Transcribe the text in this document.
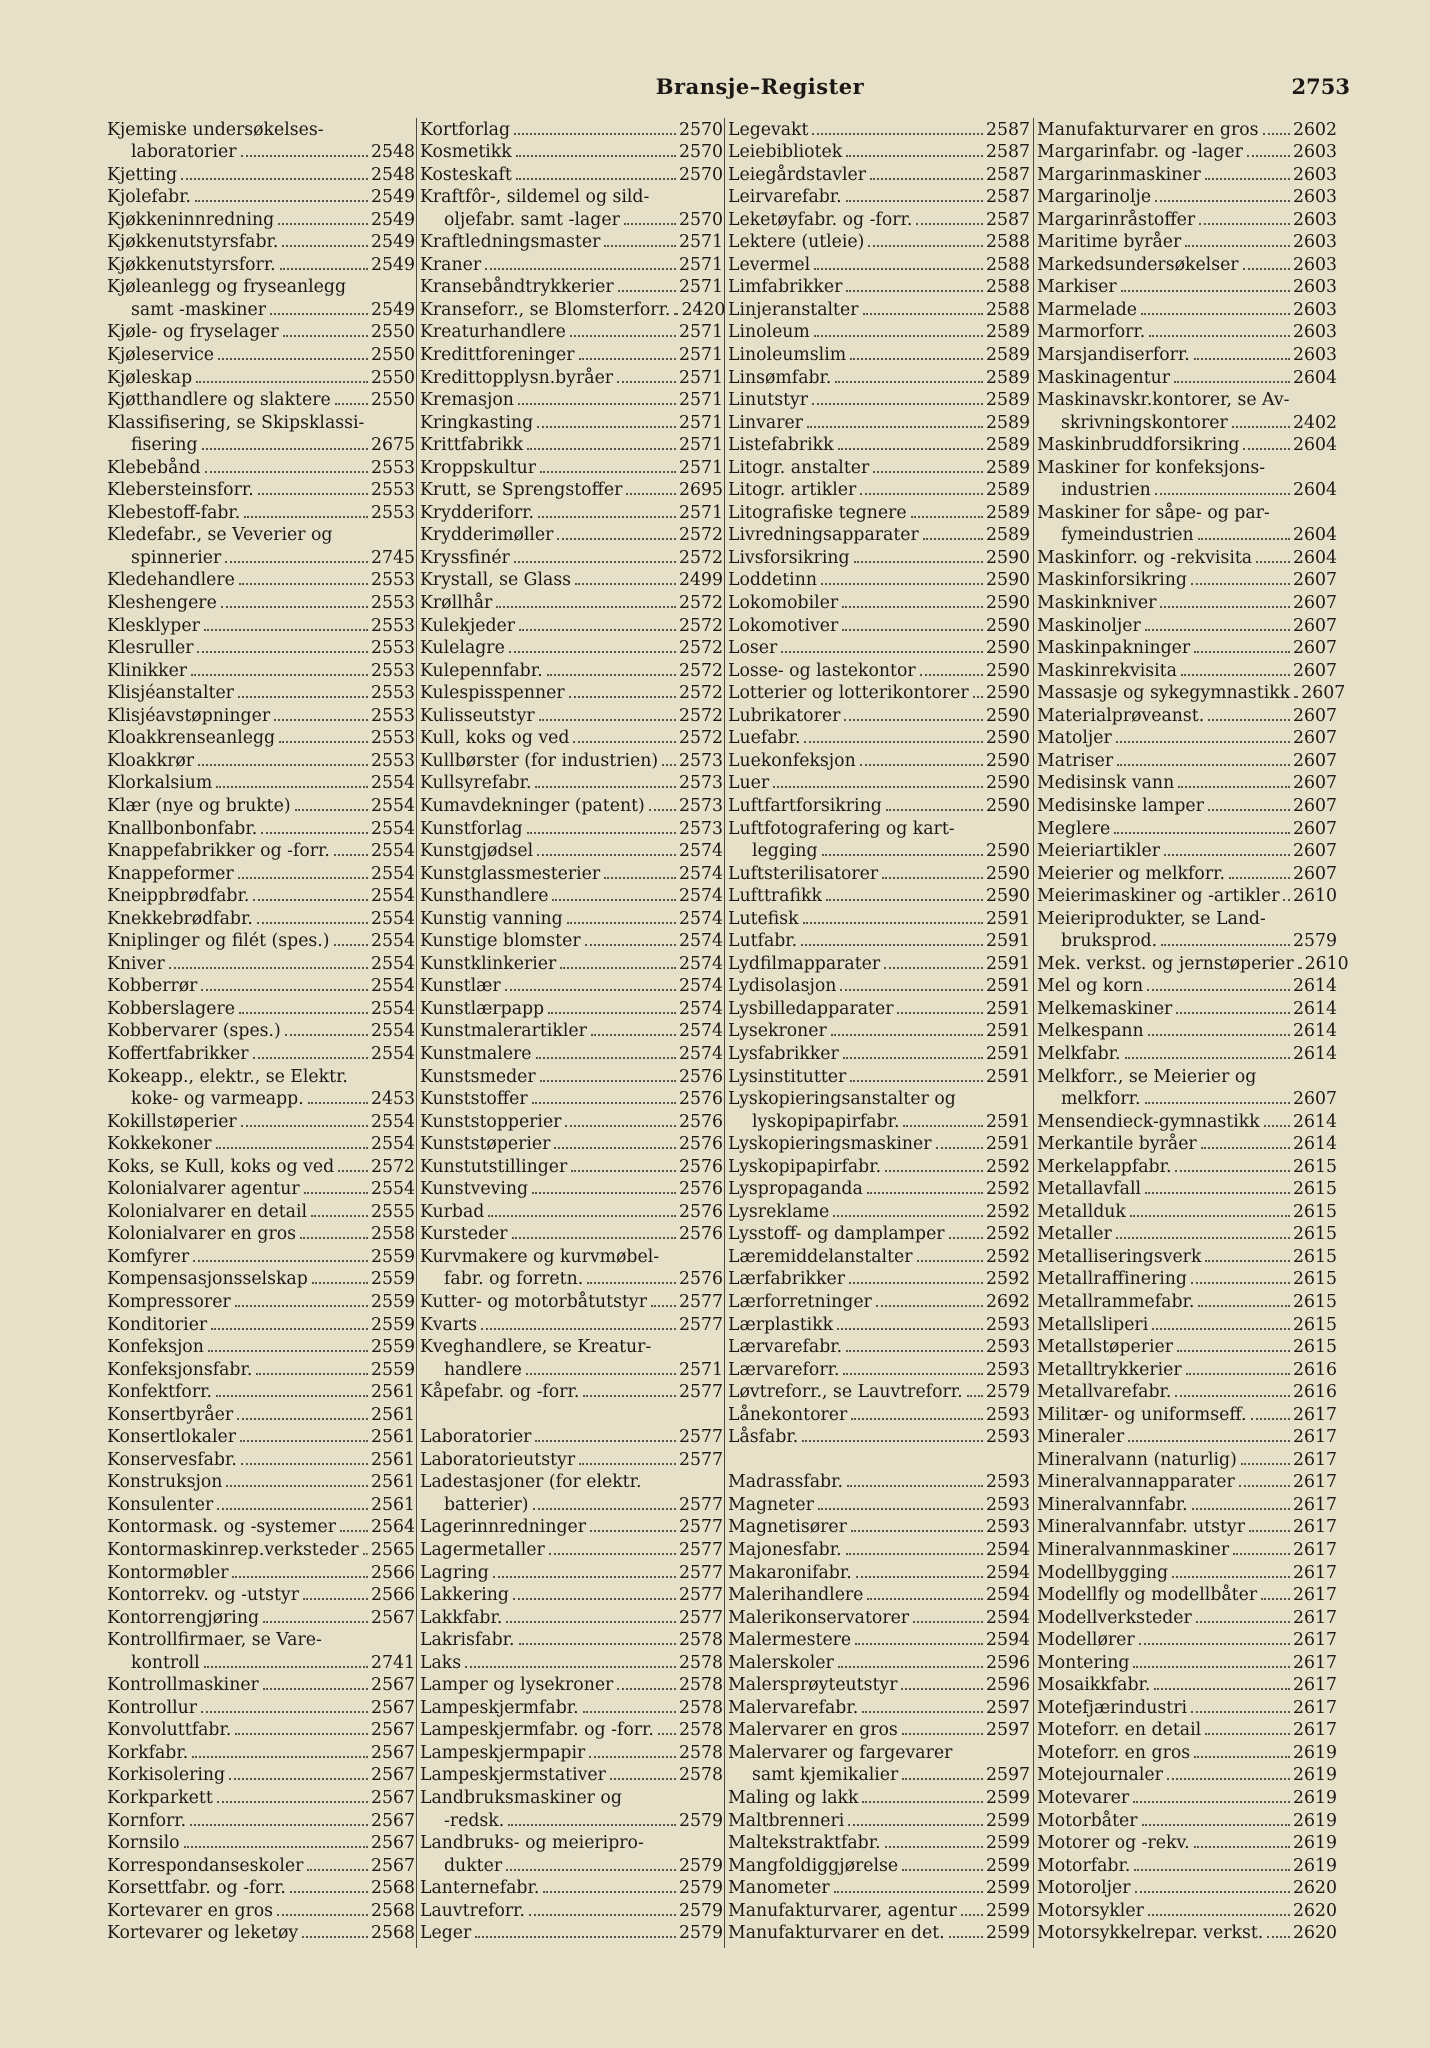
Bransje–Register	2753
Kjemiske undersøkelses-
laboratorier	2548
Kjetting	2548
Kjolefabr.	2549
Kjøkkeninnredning	2549
Kjøkkenutstyrsfabr.	2549
Kjøkkenutstyrsforr.	2549
Kjøleanlegg og fryseanlegg
samt -maskiner	2549
Kjøle- og fryselager	2550
Kjøleservice	2550
Kjøleskap	2550
Kjøtthandlere og slaktere 2550
Klassifisering, se Skipsklassi-
fisering	2675
Klebebånd	2553
Klebersteinsforr.	2553
Klebestoff-fabr.	2553
Kledefabr., se Veverier og
spinnerier	2745
Kledehandlere	2553
Kleshengere	2553
Klesklyper	2553
Klesruller	2553
Klinikker	2553
Klisjéanstalter	2553
Klisjéavstøpninger	2553
Kloakkrenseanlegg	2553
Kloakkrør	2553
Klorkalsium	2554
Klær (nye og brukte)	2554
Knallbonbonfabr.	2554
Knappefabrikker og -forr. 2554
Knappeformer	2554
Kneippbrødfabr.	2554
Knekkebrødfabr.	2554
Kniplinger og filét (spes.) 2554
Kniver	2554
Kobberrør	2554
Kobberslagere	2554
Kobbervarer (spes.)	2554
Koffertfabrikker	2554
Kokeapp., elektr., se Elektr.
koke- og varmeapp.	2453
Kokillstøperier	2554
Kokkekoner	2554
Koks, se Kull, koks og ved 2572
Kolonialvarer agentur	2554
Kolonialvarer en detail	2555
Kolonialvarer en gros	2558
Komfyrer	2559
Kompensasjonsselskap	2559
Kompressorer	2559
Konditorier	2559
Konfeksjon	2559
Konfeksjonsfabr.	2559
Konfektforr.	2561
Konsertbyråer	2561
Konsertlokaler	2561
Konservesfabr.	2561
Konstruksjon	2561
Konsulenter	2561
Kontormask. og -systemer 2564
Kontormaskinrep.verksteder 2565
Kontormøbler	2566
Kontorrekv. og -utstyr	2566
Kontorrengjøring	2567
Kontrollfirmaer, se Vare-
kontroll	2741
Kontrollmaskiner	2567
Kontrollur	2567
Konvoluttfabr.	2567
Korkfabr.	2567
Korkisolering	2567
Korkparkett	2567
Kornforr.	2567
Kornsilo	2567
Korrespondanseskoler	2567
Korsettfabr. og -forr.	2568
Kortevarer en gros	2568
Kortevarer og leketøy	2568
Kortforlag	2570
Kosmetikk	2570
Kosteskaft	2570
Kraftfôr-, sildemel og sild-
oljefabr. samt -lager	2570
Kraftledningsmaster	2571
Kraner	2571
Kransebåndtrykkerier	2571
Kranseforr., se Blomsterforr. 2420
Kreaturhandlere	2571
Kredittforeninger	2571
Kredittopplysn.byråer	2571
Kremasjon	2571
Kringkasting	2571
Krittfabrikk	2571
Kroppskultur	2571
Krutt, se Sprengstoffer	2695
Krydderiforr.	2571
Krydderimøller	2572
Kryssfinér	2572
Krystall, se Glass	2499
Krøllhår	2572
Kulekjeder	2572
Kulelagre	2572
Kulepennfabr.	2572
Kulespisspenner	2572
Kulisseutstyr	2572
Kull, koks og ved	2572
Kullbørster (for industrien) 2573
Kullsyrefabr.	2573
Kumavdekninger (patent) 2573
Kunstforlag	2573
Kunstgjødsel	2574
Kunstglassmesterier	2574
Kunsthandlere	2574
Kunstig vanning	2574
Kunstige blomster	2574
Kunstklinkerier	2574
Kunstlær	2574
Kunstlærpapp	2574
Kunstmalerartikler	2574
Kunstmalere	2574
Kunstsmeder	2576
Kunststoffer	2576
Kunststopperier	2576
Kunststøperier	2576
Kunstutstillinger	2576
Kunstveving	2576
Kurbad	2576
Kursteder	2576
Kurvmakere og kurvmøbel-
fabr. og forretn.	2576
Kutter- og motorbåtutstyr 2577
Kvarts	2577
Kveghandlere, se Kreatur-
handlere	2571
Kåpefabr. og -forr.	2577
Laboratorier	2577
Laboratorieutstyr	2577
Ladestasjoner (for elektr.
batterier)	2577
Lagerinnredninger	2577
Lagermetaller	2577
Lagring	2577
Lakkering	2577
Lakkfabr.	2577
Lakrisfabr.	2578
Laks	2578
Lamper og lysekroner	2578
Lampeskjermfabr.	2578
Lampeskjermfabr. og -forr. 2578
Lampeskjermpapir	2578
Lampeskjermstativer	2578
Landbruksmaskiner og
-redsk.	2579
Landbruks- og meieripro-
dukter	2579
Lanternefabr.	2579
Lauvtreforr.	2579
Leger	2579
Legevakt	2587
Leiebibliotek	2587
Leiegårdstavler	2587
Leirvarefabr.	2587
Leketøyfabr. og -forr.	2587
Lektere (utleie)	2588
Levermel	2588
Limfabrikker	2588
Linjeranstalter	2588
Linoleum	2589
Linoleumslim	2589
Linsømfabr.	2589
Linutstyr	2589
Linvarer	2589
Listefabrikk	2589
Litogr. anstalter	2589
Litogr. artikler	2589
Litografiske tegnere	2589
Livredningsapparater	2589
Livsforsikring	2590
Loddetinn	2590
Lokomobiler	2590
Lokomotiver	2590
Loser	2590
Losse- og lastekontor	2590
Lotterier og lotterikontorer 2590
Lubrikatorer	2590
Luefabr.	2590
Luekonfeksjon	2590
Luer	2590
Luftfartforsikring	2590
Luftfotografering og kart-
legging	2590
Luftsterilisatorer	2590
Lufttrafikk	2590
Lutefisk	2591
Lutfabr.	2591
Lydfilmapparater	2591
Lydisolasjon	2591
Lysbilledapparater	2591
Lysekroner	2591
Lysfabrikker	2591
Lysinstitutter	2591
Lyskopieringsanstalter og
lyskopipapirfabr.	2591
Lyskopieringsmaskiner	2591
Lyskopipapirfabr.	2592
Lyspropaganda	2592
Lysreklame	2592
Lysstoff- og damplamper 2592
Læremiddelanstalter	2592
Lærfabrikker	2592
Lærforretninger	2692
Lærplastikk	2593
Lærvarefabr.	2593
Lærvareforr.	2593
Løvtreforr., se Lauvtreforr. 2579
Lånekontorer	2593
Låsfabr.	2593
Madrassfabr.	2593
Magneter	2593
Magnetisører	2593
Majonesfabr.	2594
Makaronifabr.	2594
Malerihandlere	2594
Malerikonservatorer	2594
Malermestere	2594
Malerskoler	2596
Malersprøyteutstyr	2596
Malervarefabr.	2597
Malervarer en gros	2597
Malervarer og fargevarer
samt kjemikalier	2597
Maling og lakk	2599
Maltbrenneri	2599
Maltekstraktfabr.	2599
Mangfoldiggjørelse	2599
Manometer	2599
Manufakturvarer, agentur 2599
Manufakturvarer en det. 2599
Manufakturvarer en gros 2602
Margarinfabr. og -lager	2603
Margarinmaskiner	2603
Margarinolje	2603
Margarinråstoffer	2603
Maritime byråer	2603
Markedsundersøkelser	2603
Markiser	2603
Marmelade	2603
Marmorforr.	2603
Marsjandiserforr.	2603
Maskinagentur	2604
Maskinavskr.kontorer, se Av-
skrivningskontorer	2402
Maskinbruddforsikring	2604
Maskiner for konfeksjons-
industrien	2604
Maskiner for såpe- og par-
fymeindustrien	2604
Maskinforr. og -rekvisita 2604
Maskinforsikring	2607
Maskinkniver	2607
Maskinoljer	2607
Maskinpakninger	2607
Maskinrekvisita	2607
Massasje og sykegymnastikk 2607
Materialprøveanst.	2607
Matoljer	2607
Matriser	2607
Medisinsk vann	2607
Medisinske lamper	2607
Meglere	2607
Meieriartikler	2607
Meierier og melkforr.	2607
Meierimaskiner og -artikler 2610
Meieriprodukter, se Land-
bruksprod.	2579
Mek. verkst. og jernstøperier 2610
Mel og korn	2614
Melkemaskiner	2614
Melkespann	2614
Melkfabr.	2614
Melkforr., se Meierier og
melkforr.	2607
Mensendieck-gymnastikk 2614
Merkantile byråer	2614
Merkelappfabr.	2615
Metallavfall	2615
Metallduk	2615
Metaller	2615
Metalliseringsverk	2615
Metallraffinering	2615
Metallrammefabr.	2615
Metallsliperi	2615
Metallstøperier	2615
Metalltrykkerier	2616
Metallvarefabr.	2616
Militær- og uniformseff.	2617
Mineraler	2617
Mineralvann (naturlig)	2617
Mineralvannapparater	2617
Mineralvannfabr.	2617
Mineralvannfabr. utstyr	2617
Mineralvannmaskiner	2617
Modellbygging	2617
Modellfly og modellbåter 2617
Modellverksteder	2617
Modellører	2617
Montering	2617
Mosaikkfabr.	2617
Motefjærindustri	2617
Moteforr. en detail	2617
Moteforr. en gros	2619
Motejournaler	2619
Motevarer	2619
Motorbåter	2619
Motorer og -rekv.	2619
Motorfabr.	2619
Motoroljer	2620
Motorsykler	2620
Motorsykkelrepar. verkst. 2620
